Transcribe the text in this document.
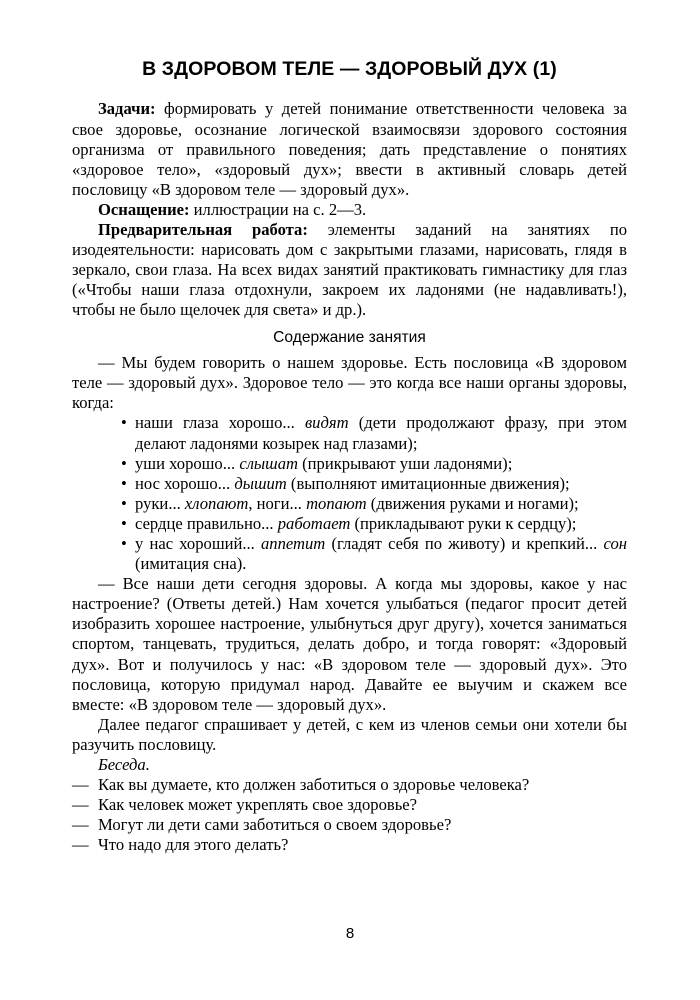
В ЗДОРОВОМ ТЕЛЕ — ЗДОРОВЫЙ ДУХ (1)

Задачи: формировать у детей понимание ответственности человека за свое здоровье, осознание логической взаимосвязи здорового состояния организма от правильного поведения; дать представление о понятиях «здоровое тело», «здоровый дух»; ввести в активный словарь детей пословицу «В здоровом теле — здоровый дух».

Оснащение: иллюстрации на с. 2—3.

Предварительная работа: элементы заданий на занятиях по изодеятельности: нарисовать дом с закрытыми глазами, нарисовать, глядя в зеркало, свои глаза. На всех видах занятий практиковать гимнастику для глаз («Чтобы наши глаза отдохнули, закроем их ладонями (не надавливать!), чтобы не было щелочек для света» и др.).

Содержание занятия

— Мы будем говорить о нашем здоровье. Есть пословица «В здоровом теле — здоровый дух». Здоровое тело — это когда все наши органы здоровы, когда:

• наши глаза хорошо... видят (дети продолжают фразу, при этом делают ладонями козырек над глазами);
• уши хорошо... слышат (прикрывают уши ладонями);
• нос хорошо... дышит (выполняют имитационные движения);
• руки... хлопают, ноги... топают (движения руками и ногами);
• сердце правильно... работает (прикладывают руки к сердцу);
• у нас хороший... аппетит (гладят себя по животу) и крепкий... сон (имитация сна).

— Все наши дети сегодня здоровы. А когда мы здоровы, какое у нас настроение? (Ответы детей.) Нам хочется улыбаться (педагог просит детей изобразить хорошее настроение, улыбнуться друг другу), хочется заниматься спортом, танцевать, трудиться, делать добро, и тогда говорят: «Здоровый дух». Вот и получилось у нас: «В здоровом теле — здоровый дух». Это пословица, которую придумал народ. Давайте ее выучим и скажем все вместе: «В здоровом теле — здоровый дух».

Далее педагог спрашивает у детей, с кем из членов семьи они хотели бы разучить пословицу.

Беседа.

— Как вы думаете, кто должен заботиться о здоровье человека?
— Как человек может укреплять свое здоровье?
— Могут ли дети сами заботиться о своем здоровье?
— Что надо для этого делать?
8
